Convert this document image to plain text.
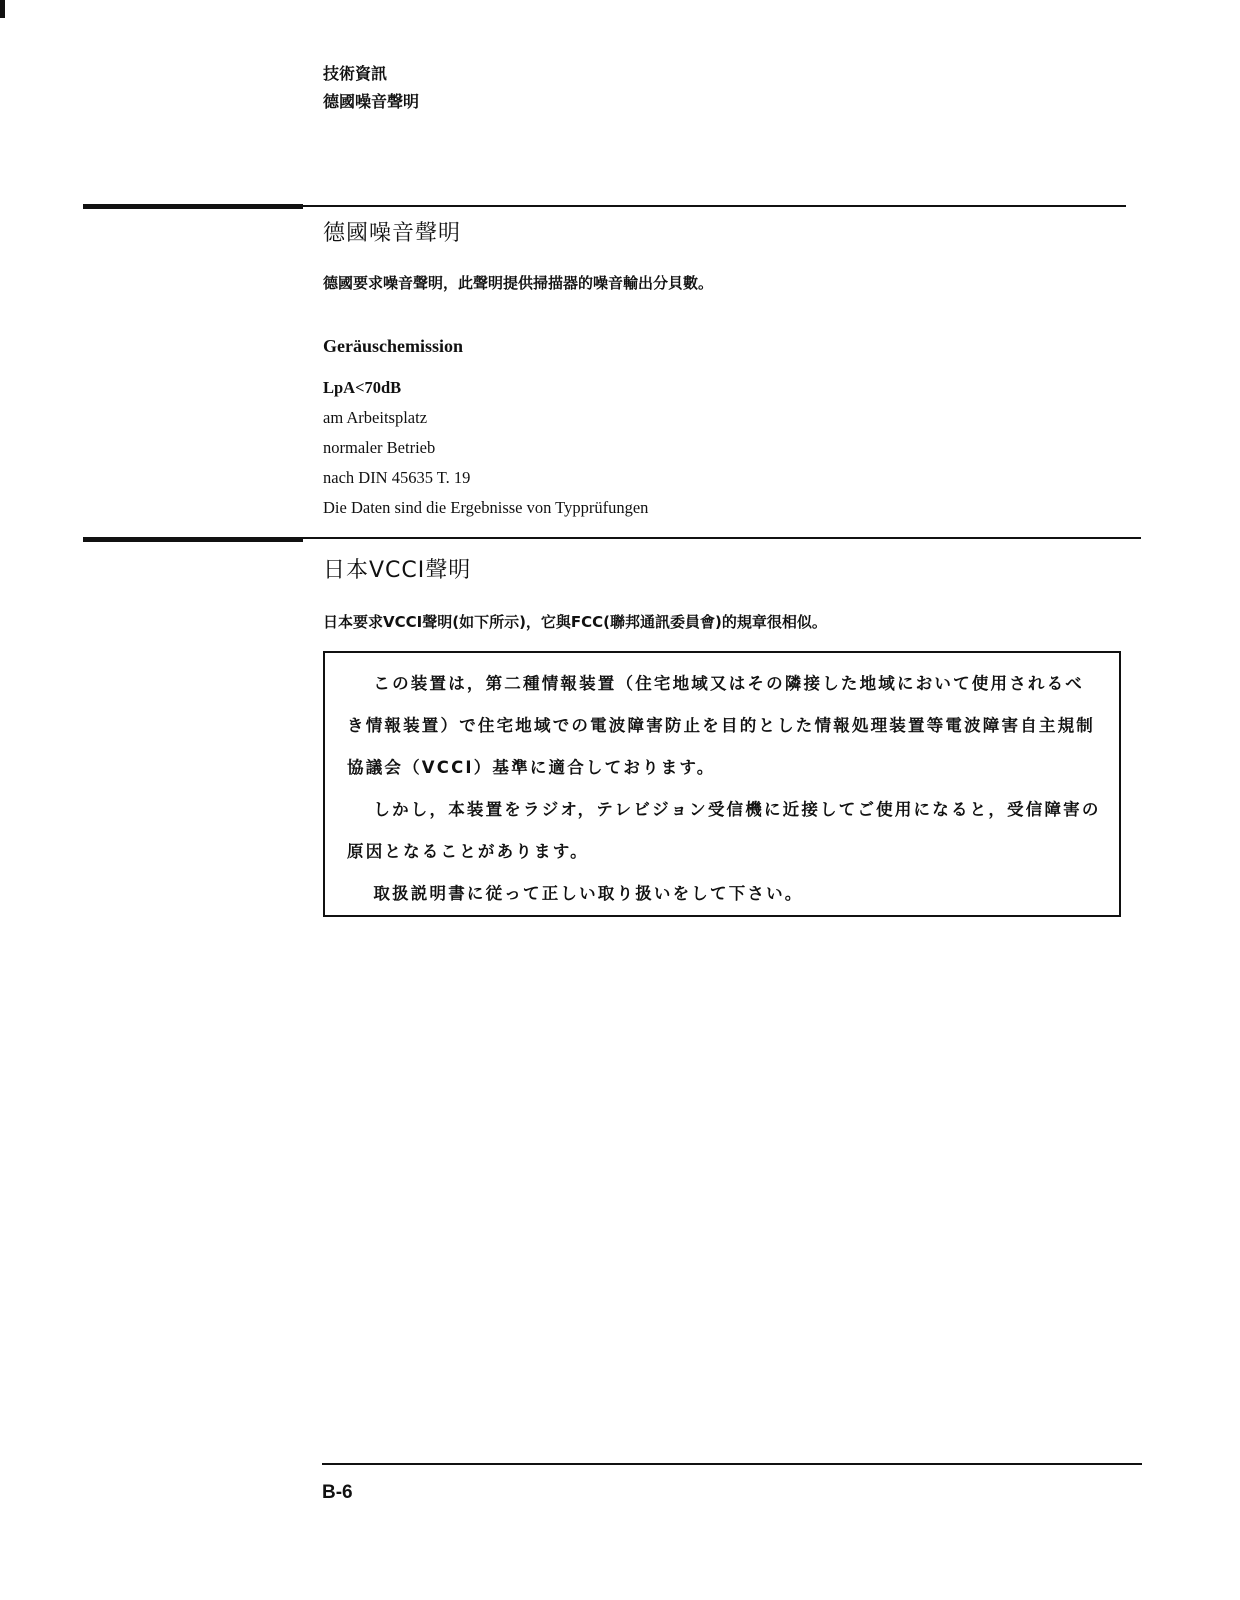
技術資訊
德國噪音聲明
德國噪音聲明
德國要求噪音聲明，此聲明提供掃描器的噪音輸出分貝數。
Geräuschemission
LpA<70dB
am Arbeitsplatz
normaler Betrieb
nach DIN 45635 T. 19
Die Daten sind die Ergebnisse von Typprüfungen
日本VCCI聲明
日本要求VCCI聲明(如下所示)，它與FCC(聯邦通訊委員會)的規章很相似。

この装置は，第二種情報装置（住宅地域又はその隣接した地域において使用されるべき情報装置）で住宅地域での電波障害防止を目的とした情報処理装置等電波障害自主規制協議会（VCCI）基準に適合しております。

しかし，本装置をラジオ，テレビジョン受信機に近接してご使用になると，受信障害の原因となることがあります。

取扱説明書に従って正しい取り扱いをして下さい。

B-6
